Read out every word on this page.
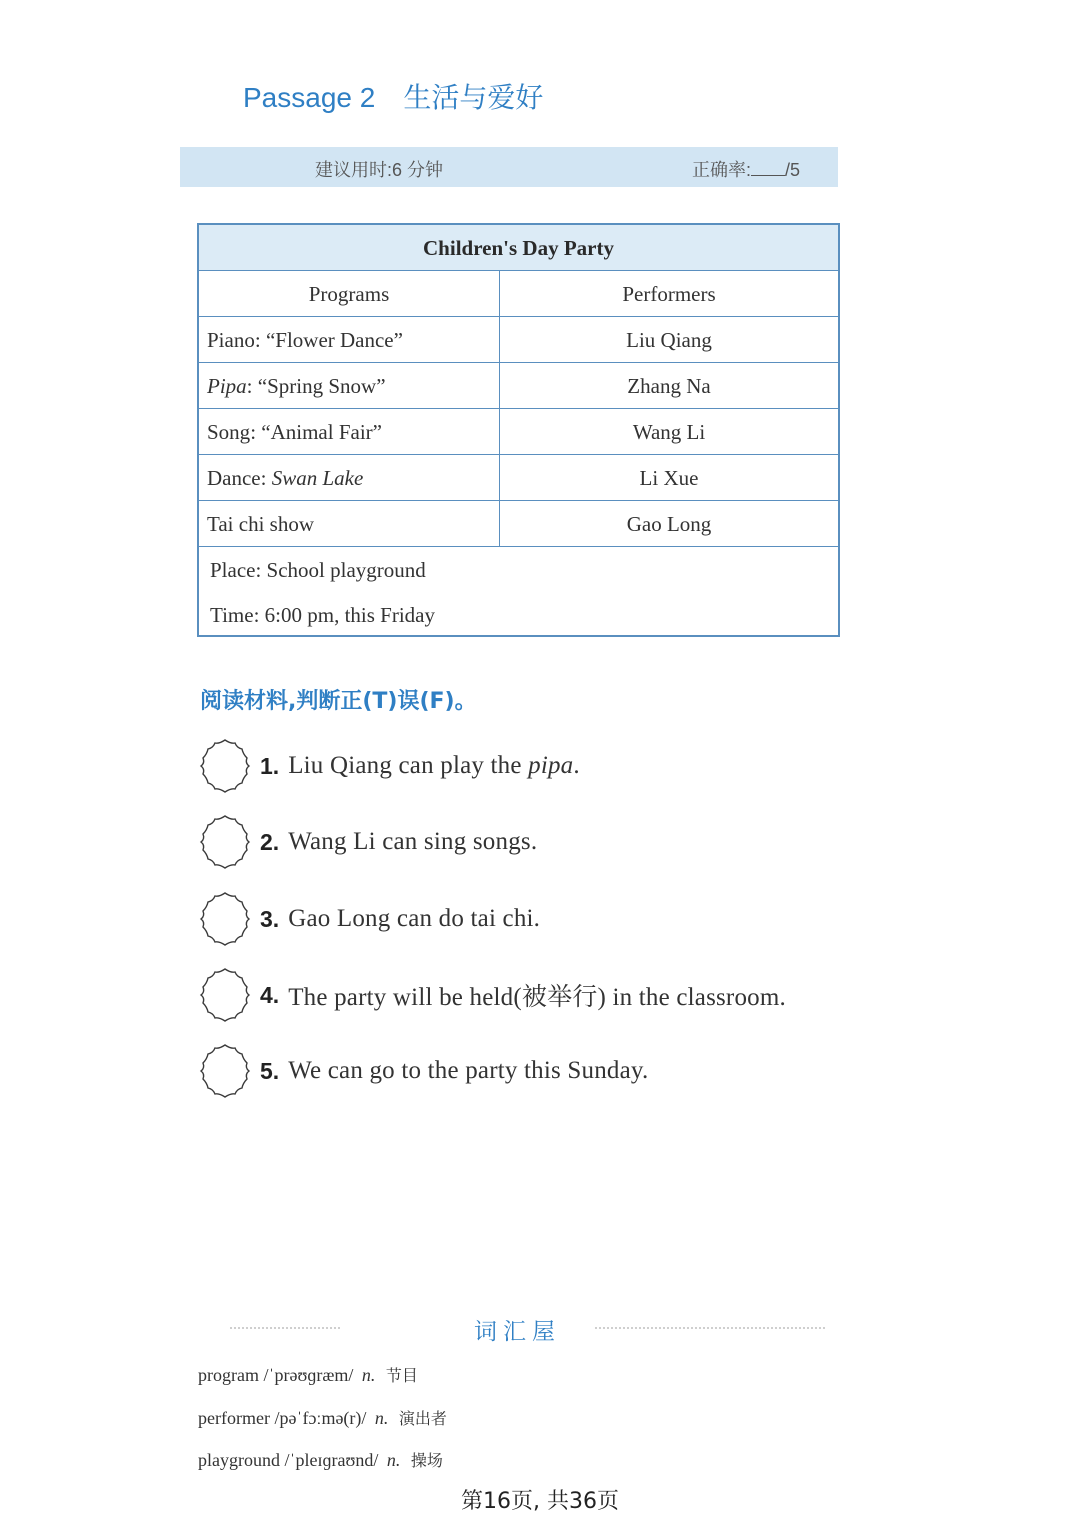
Passage 2 生活与爱好
建议用时:6 分钟	正确率: /5
Children's Day Party
Programs	Performers
Piano: “Flower Dance”	Liu Qiang
Pipa: “Spring Snow”	Zhang Na
Song: “Animal Fair”	Wang Li
Dance: Swan Lake	Li Xue
Tai chi show	Gao Long
Place: School playground
Time: 6:00 pm, this Friday
阅读材料,判断正(T)误(F)。
1. Liu Qiang can play the pipa.
2. Wang Li can sing songs.
3. Gao Long can do tai chi.
4. The party will be held(被举行) in the classroom.
5. We can go to the party this Sunday.
词汇屋
program /ˈprəʊɡræm/ n. 节目
performer /pəˈfɔːmə(r)/ n. 演出者
playground /ˈpleɪɡraʊnd/ n. 操场
第16页, 共36页
